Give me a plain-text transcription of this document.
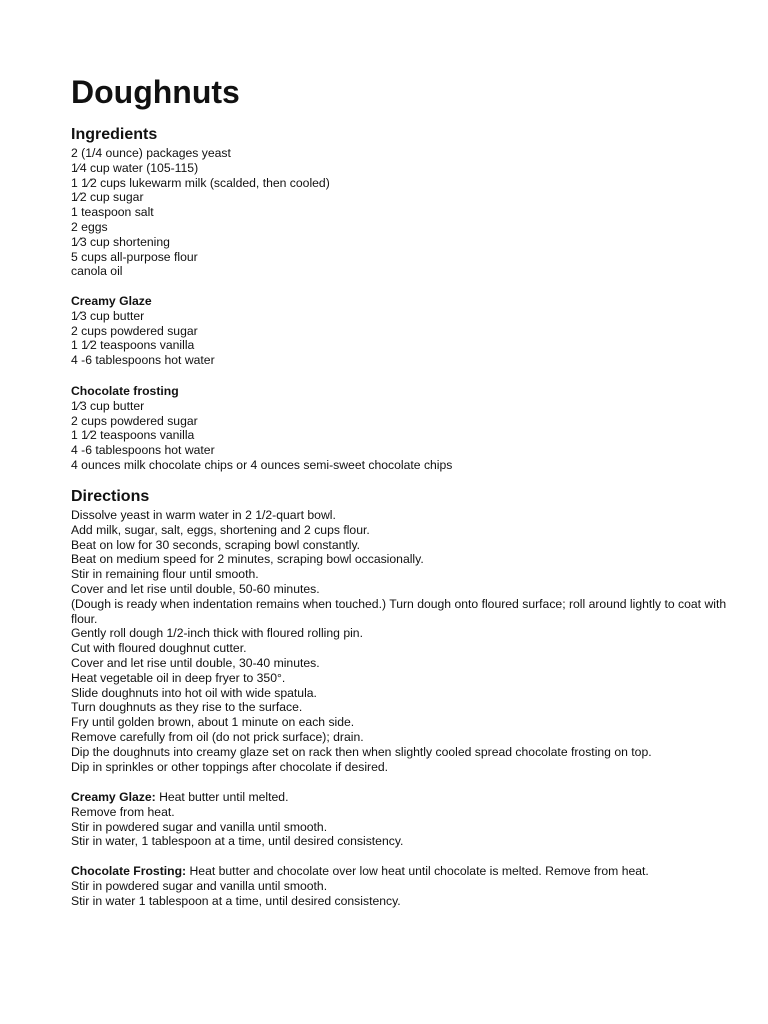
Doughnuts
Ingredients
2 (1/4 ounce) packages yeast
1⁄4 cup water (105-115)
1 1⁄2 cups lukewarm milk (scalded, then cooled)
1⁄2 cup sugar
1 teaspoon salt
2 eggs
1⁄3 cup shortening
5 cups all-purpose flour
canola oil
Creamy Glaze
1⁄3 cup butter
2 cups powdered sugar
1 1⁄2 teaspoons vanilla
4 -6 tablespoons hot water
Chocolate frosting
1⁄3 cup butter
2 cups powdered sugar
1 1⁄2 teaspoons vanilla
4 -6 tablespoons hot water
4 ounces milk chocolate chips or 4 ounces semi-sweet chocolate chips
Directions
Dissolve yeast in warm water in 2 1/2-quart bowl.
Add milk, sugar, salt, eggs, shortening and 2 cups flour.
Beat on low for 30 seconds, scraping bowl constantly.
Beat on medium speed for 2 minutes, scraping bowl occasionally.
Stir in remaining flour until smooth.
Cover and let rise until double, 50-60 minutes.
(Dough is ready when indentation remains when touched.) Turn dough onto floured surface; roll around lightly to coat with flour.
Gently roll dough 1/2-inch thick with floured rolling pin.
Cut with floured doughnut cutter.
Cover and let rise until double, 30-40 minutes.
Heat vegetable oil in deep fryer to 350°.
Slide doughnuts into hot oil with wide spatula.
Turn doughnuts as they rise to the surface.
Fry until golden brown, about 1 minute on each side.
Remove carefully from oil (do not prick surface); drain.
Dip the doughnuts into creamy glaze set on rack then when slightly cooled spread chocolate frosting on top.
Dip in sprinkles or other toppings after chocolate if desired.
Creamy Glaze: Heat butter until melted.
Remove from heat.
Stir in powdered sugar and vanilla until smooth.
Stir in water, 1 tablespoon at a time, until desired consistency.
Chocolate Frosting: Heat butter and chocolate over low heat until chocolate is melted. Remove from heat.
Stir in powdered sugar and vanilla until smooth.
Stir in water 1 tablespoon at a time, until desired consistency.
